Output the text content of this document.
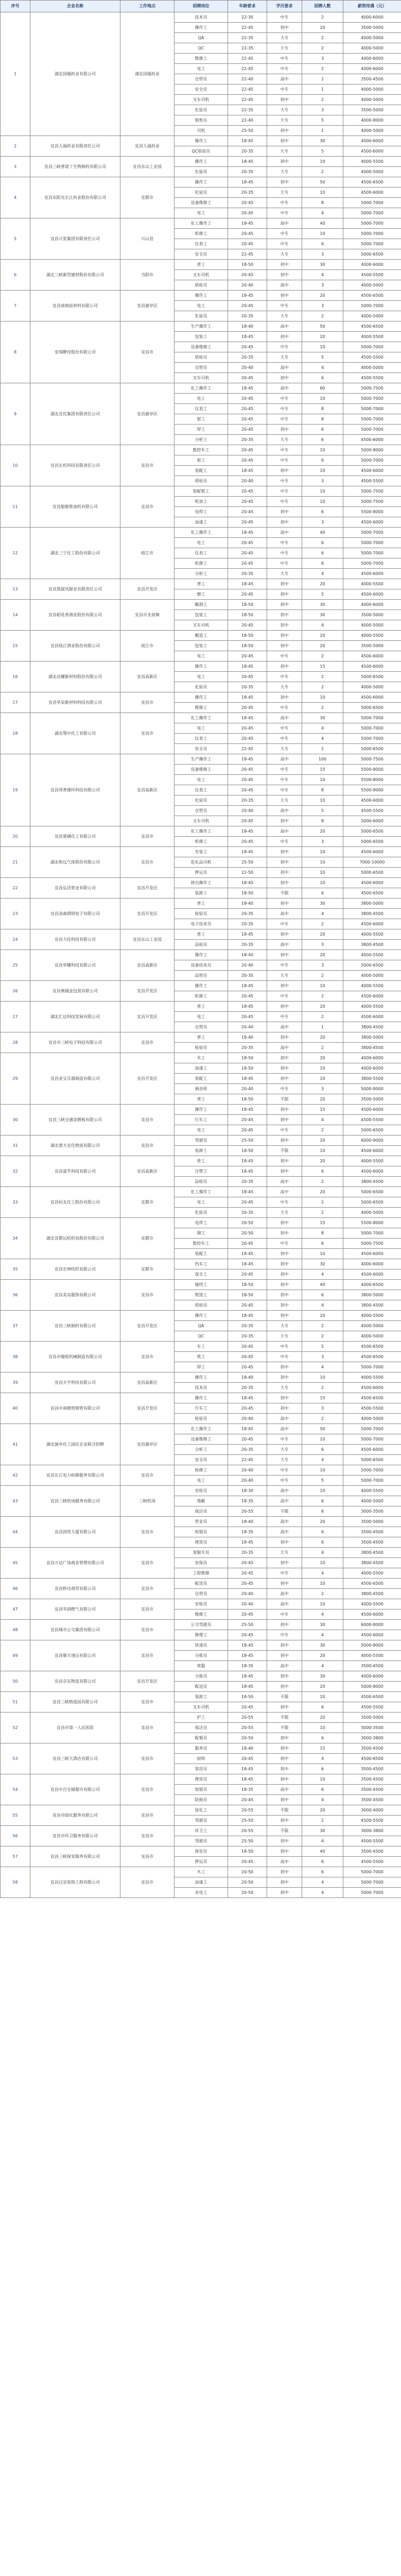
序号	企业名称	工作地点	招聘岗位	年龄要求	学历要求	招聘人数	薪资待遇（元）
1	湖北国瑞药业有限公司	湖北国瑞药业	技术员	22-35	中专	2	4000-6000
			操作工	22-45	初中	20	3500-5000
			QA	22-35	大专	2	4000-5000
			QC	22-35	大专	2	4000-5000
			维修工	22-45	中专	3	4000-6000
			电工	22-45	中专	2	4000-6000
			仓管员	22-40	高中	2	3500-4500
			安全员	22-45	中专	1	4000-5000
			叉车司机	22-45	初中	2	4000-5000
			化验员	22-35	大专	3	3500-5000
			销售员	22-40	大专	5	4000-8000
			司机	25-50	初中	1	4000-5000
2	宜昌人福药业有限责任公司	宜昌人福药业	操作工	18-45	初中	30	4000-6000
			QC检验员	20-35	大专	5	4500-6000
3	宜昌三峡普诺丁生物制药有限公司	宜昌东山工业园	操作工	18-45	初中	10	4000-5500
			化验员	20-35	大专	2	4000-5000
4	宜昌东阳光长江药业股份有限公司	宜都市	操作工	18-45	初中	50	4500-6500
			化验员	20-35	大专	10	4500-6000
			设备维修工	20-45	中专	8	5000-7000
			电工	20-45	中专	4	5000-7000
5	宜昌兴发集团有限责任公司	兴山县	化工操作工	18-45	高中	40	5000-7000
			机修工	20-45	中专	10	5000-7000
			仪表工	20-45	中专	6	5000-7000
			安全员	22-45	大专	3	5000-6500
6	湖北三峡新型建材股份有限公司	当阳市	普工	18-50	初中	30	4000-6000
			叉车司机	20-45	初中	4	4500-5500
			质检员	20-40	高中	3	4000-5000
7	宜昌南玻硅材料有限公司	宜昌猇亭区	操作工	18-45	初中	20	4500-6500
			电工	20-45	中专	3	5000-7000
			化验员	20-35	大专	2	4000-5000
8	安琪酵母股份有限公司	宜昌市	生产操作工	18-40	高中	50	4500-6500
			包装工	18-45	初中	20	4000-5500
			设备维修工	20-45	中专	10	5000-7000
			质检员	20-35	大专	5	4500-5500
			仓管员	20-40	高中	4	4000-5000
			叉车司机	20-45	初中	6	4500-5500
9	湖北宜化集团有限责任公司	宜昌猇亭区	化工操作工	18-45	高中	60	5000-7500
			电工	20-45	中专	10	5000-7000
			仪表工	20-45	中专	8	5000-7000
			钳工	20-45	中专	8	5000-7000
			焊工	20-45	初中	6	5000-7000
			分析工	20-35	大专	6	4500-6000
10	宜昌长机科技有限责任公司	宜昌市	数控车工	20-45	中专	10	5000-8000
			钳工	20-45	中专	6	5000-7000
			装配工	18-45	初中	10	4500-6000
			质检员	20-40	中专	3	4500-5500
11	宜昌船舶柴油机有限公司	宜昌市	装配钳工	20-45	中专	10	5000-7500
			机加工	20-45	中专	10	5000-7500
			电焊工	20-45	初中	6	5500-8000
			油漆工	20-45	初中	3	4500-6000
12	湖北三宁化工股份有限公司	枝江市	化工操作工	18-45	高中	40	5000-7000
			电工	20-45	中专	6	5000-7000
			仪表工	20-45	中专	6	5000-7000
			机修工	20-45	中专	6	5000-7000
			分析工	20-35	大专	4	4500-6000
13	宜昌黑旋风锯业有限责任公司	宜昌开发区	普工	18-45	初中	20	4000-5500
			磨工	20-45	初中	5	4500-6000
14	宜昌稻花香酒业股份有限公司	宜昌市龙泉镇	酿酒工	18-50	初中	30	4000-6000
			包装工	18-50	初中	30	3500-5000
			叉车司机	20-45	初中	4	4000-5000
15	宜昌枝江酒业股份有限公司	枝江市	酿造工	18-50	初中	20	4000-5500
			包装工	18-50	初中	20	3500-5000
			电工	20-45	中专	2	4500-6000
16	湖北昌耀新材料股份有限公司	宜昌高新区	操作工	18-45	初中	15	4500-6000
			电工	20-45	中专	2	5000-6500
			化验员	20-35	大专	2	4000-5000
17	宜昌华昊新材料科技有限公司	宜昌市	操作工	18-45	初中	10	4500-6000
			维修工	20-45	中专	2	5000-6500
18	湖北鄂中化工有限公司	宜昌市	化工操作工	18-45	高中	30	5000-7000
			电工	20-45	中专	4	5000-7000
			仪表工	20-45	中专	4	5000-7000
			安全员	22-45	大专	2	5000-6500
19	宜昌邦普循环科技有限公司	宜昌高新区	生产操作工	18-45	高中	100	5000-7500
			设备维修工	20-45	中专	15	5500-8000
			电工	20-45	中专	10	5500-8000
			仪表工	20-45	中专	8	5500-8000
			化验员	20-35	大专	10	4500-6000
			仓管员	20-40	高中	5	4500-5500
			叉车司机	20-45	初中	8	5000-6000
20	宜昌楚磷化工有限公司	宜昌市	化工操作工	18-45	高中	20	5000-6500
			机修工	20-45	中专	3	5000-6500
21	湖北和远气体股份有限公司	宜昌市	充装工	18-45	初中	10	4500-6000
			危化品司机	25-50	初中	10	7000-10000
			押运员	22-50	初中	10	5000-6500
22	宜昌弘讯管业有限公司	宜昌开发区	挤出操作工	18-45	初中	10	4500-6000
			装卸工	18-50	不限	6	4500-6500
23	宜昌劲森照明电子有限公司	宜昌开发区	普工	18-40	初中	30	3800-5000
			检验员	20-35	高中	4	3800-4500
			电子技术员	20-35	中专	2	4500-6000
24	宜昌力佳科技有限公司	宜昌东山工业园	普工	18-45	初中	20	4000-5500
			品检员	20-35	高中	3	3800-4500
25	宜昌华耀科技有限公司	宜昌高新区	操作工	18-40	初中	20	4000-5500
			设备技术员	20-40	中专	3	5000-6500
			品管员	20-35	大专	2	4000-5000
26	宜昌奥瑞金包装有限公司	宜昌开发区	操作工	18-45	初中	10	4000-5500
			机修工	20-45	中专	2	4500-6000
27	湖北汇达科技发展有限公司	宜昌开发区	普工	18-45	初中	20	4000-5500
			电工	20-45	中专	2	4500-6000
			仓管员	20-40	高中	1	3800-4500
28	宜昌市三峡电子科技有限公司	宜昌市	普工	18-40	初中	20	3800-5000
			检验员	20-35	高中	2	3800-4500
29	宜昌金宝乐器制造有限公司	宜昌开发区	木工	18-50	初中	20	4000-6000
			油漆工	18-50	初中	10	4000-6000
			装配工	18-45	初中	10	3800-5500
			调音师	20-40	中专	3	5000-8000
			普工	18-50	不限	20	3500-5000
30	宜昌三峡全通涂镀板有限公司	宜昌市	操作工	18-45	初中	15	4500-6000
			行车工	20-45	初中	4	4500-5500
			电工	20-45	中专	2	5000-6500
31	湖北楚天宜化物流有限公司	宜昌市	驾驶员	25-50	初中	20	6000-9000
			装卸工	18-50	不限	10	4500-6000
32	宜昌富升科技有限公司	宜昌高新区	普工	18-45	初中	20	4000-5500
			注塑工	18-45	初中	6	4500-6000
			品检员	20-35	高中	2	3800-4500
33	宜昌恒友化工股份有限公司	宜都市	化工操作工	18-45	高中	20	5000-6500
			电工	20-45	中专	2	5000-6500
			化验员	20-35	大专	2	4000-5000
34	湖北宜都运机机电股份有限公司	宜都市	电焊工	20-50	初中	15	5500-8000
			铆工	20-50	初中	8	5000-7000
			数控车工	20-45	中专	6	5000-7500
			装配工	18-45	初中	10	4500-6000
35	宜昌宏林纺织有限公司	宜都市	挡车工	18-45	初中	30	4000-6000
			保全工	20-45	初中	4	4500-6000
36	宜昌美岛服饰有限公司	宜昌市	缝纫工	18-50	初中	40	4000-6500
			熨烫工	18-50	初中	6	3800-5000
			质检员	20-45	初中	4	3800-4500
37	宜昌三峡制药有限公司	宜昌开发区	操作工	18-45	初中	20	4000-5500
			QA	20-35	大专	2	4000-5000
			QC	20-35	大专	2	4000-5000
38	宜昌市燎原机械制造有限公司	宜昌市	车工	20-45	中专	5	4500-6500
			铣工	20-45	中专	3	4500-6500
			焊工	20-45	初中	4	5000-7000
39	宜昌天宇科技有限公司	宜昌高新区	操作工	18-40	初中	10	4000-5500
			技术员	20-35	大专	2	4500-6000
40	宜昌中南精密钢管有限公司	宜昌开发区	操作工	18-45	初中	15	4500-6500
			行车工	20-45	初中	3	4500-5500
			检验员	20-40	高中	2	4000-5000
41	湖北猇亭化工园区企业联合招聘	宜昌猇亭区	化工操作工	18-45	高中	50	5000-7000
			设备维修工	20-45	中专	10	5000-7000
			分析工	20-35	大专	6	4500-6000
			安全员	22-45	大专	4	5000-6500
42	宜昌长江电力检修服务有限公司	宜昌市	检修工	20-40	中专	10	5000-7000
			电工	20-40	中专	5	5000-7000
43	宜昌三峡机场服务有限公司	三峡机场	安检员	18-30	高中	10	4000-5500
			地勤	18-35	高中	6	4000-5000
			保洁员	20-55	不限	6	3000-3500
44	宜昌国贸大厦有限公司	宜昌市	营业员	18-40	高中	20	3500-5000
			收银员	18-35	高中	6	3500-4500
			理货员	18-45	初中	6	3500-4500
45	宜昌万达广场商业管理有限公司	宜昌市	客服专员	20-35	大专	4	3800-4500
			安保员	20-45	初中	10	3800-4500
			工程维修	20-45	中专	4	4000-5500
46	宜昌桥边商贸有限公司	宜昌市	配送员	20-45	初中	10	4500-6500
			仓管员	20-40	高中	2	3800-4500
47	宜昌华润燃气有限公司	宜昌市	安检员	20-40	高中	10	4000-5500
			维修工	20-45	中专	4	4500-6000
48	宜昌城市公交集团有限公司	宜昌市	公交驾驶员	25-50	初中	30	6000-8000
			修理工	20-45	中专	4	4500-6000
49	宜昌顺丰速运有限公司	宜昌市	快递员	18-45	初中	30	5000-8000
			分拣员	18-45	初中	20	4000-5500
			客服	18-35	高中	4	3500-4500
50	宜昌京东物流有限公司	宜昌开发区	分拣员	18-45	初中	30	4000-6000
			配送员	18-45	初中	20	5000-8000
51	宜昌三峡物流园有限公司	宜昌市	装卸工	18-50	不限	20	4500-6500
			叉车司机	20-45	初中	6	4500-5500
52	宜昌市第一人民医院	宜昌市	护工	20-55	不限	20	3500-5000
			保洁员	20-55	不限	10	3000-3500
			配餐员	20-50	初中	6	3000-3800
53	宜昌三峡大酒店有限公司	宜昌市	服务员	18-40	初中	15	3500-4500
			厨师	20-45	初中	4	4500-6500
			客房员	18-45	初中	6	3500-4500
54	宜昌中百仓储超市有限公司	宜昌市	理货员	18-45	初中	10	3500-4500
			收银员	18-35	高中	6	3500-4500
			防损员	20-45	初中	4	3500-4500
55	宜昌市绿化服务有限公司	宜昌市	绿化工	20-55	不限	20	3000-4000
			驾驶员	25-50	初中	2	4500-5500
56	宜昌市环卫服务有限公司	宜昌市	环卫工	20-55	不限	30	3000-3800
			驾驶员	25-50	初中	4	4500-5500
57	宜昌三峡保安服务有限公司	宜昌市	保安员	18-50	初中	40	3500-4500
			押运员	20-45	高中	6	4500-5500
58	宜昌汉宜装饰工程有限公司	宜昌市	木工	20-50	初中	6	5000-7000
			油漆工	20-50	初中	4	5000-7000
			水电工	20-50	初中	4	5000-7000
